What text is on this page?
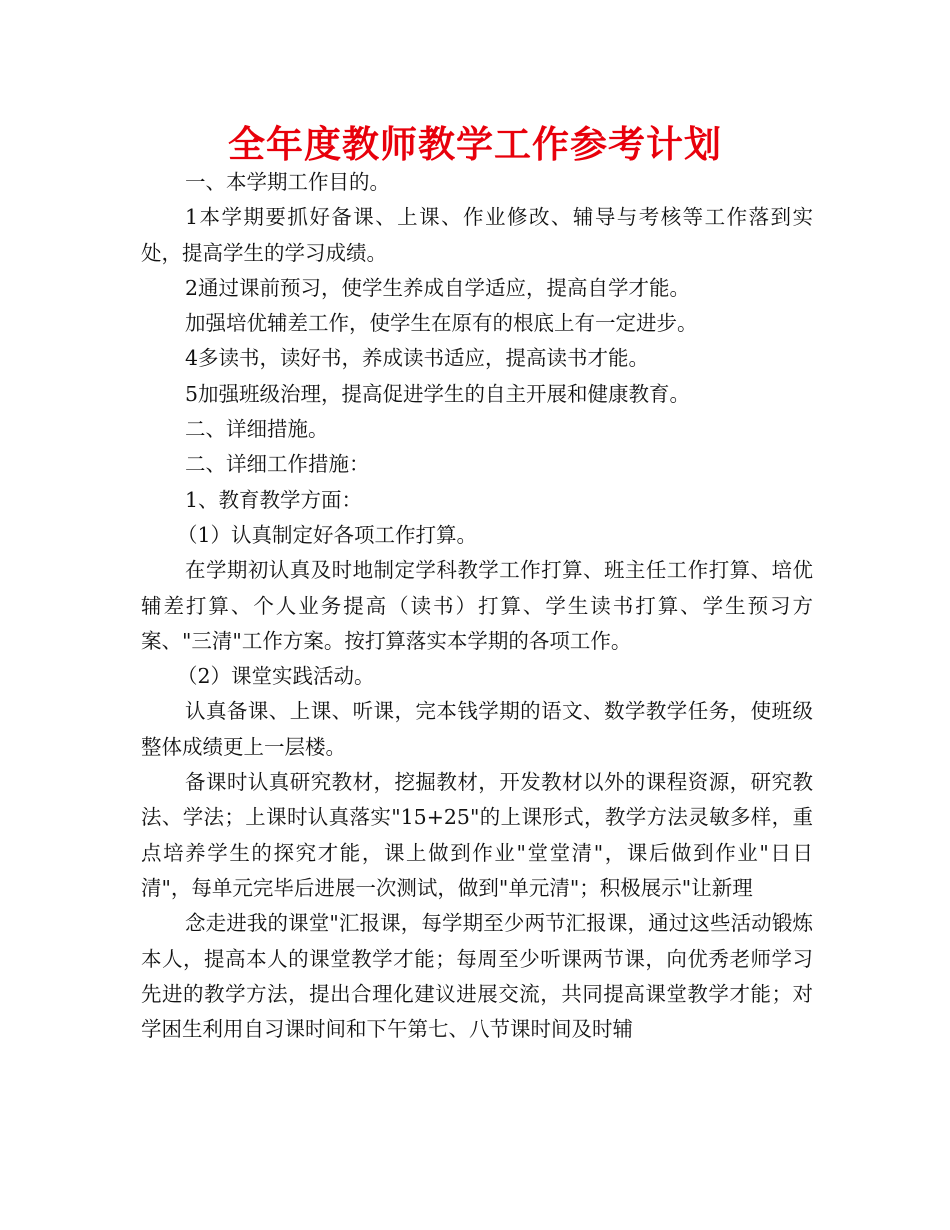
全年度教师教学工作参考计划

一、本学期工作目的。

1本学期要抓好备课、上课、作业修改、辅导与考核等工作落到实处，提高学生的学习成绩。

2通过课前预习，使学生养成自学适应，提高自学才能。

加强培优辅差工作，使学生在原有的根底上有一定进步。

4多读书，读好书，养成读书适应，提高读书才能。

5加强班级治理，提高促进学生的自主开展和健康教育。

二、详细措施。

二、详细工作措施：

1、教育教学方面：

（1）认真制定好各项工作打算。

在学期初认真及时地制定学科教学工作打算、班主任工作打算、培优辅差打算、个人业务提高（读书）打算、学生读书打算、学生预习方案、"三清"工作方案。按打算落实本学期的各项工作。

（2）课堂实践活动。

认真备课、上课、听课，完本钱学期的语文、数学教学任务，使班级整体成绩更上一层楼。

备课时认真研究教材，挖掘教材，开发教材以外的课程资源，研究教法、学法；上课时认真落实"15+25"的上课形式，教学方法灵敏多样，重点培养学生的探究才能，课上做到作业"堂堂清"，课后做到作业"日日清"，每单元完毕后进展一次测试，做到"单元清"；积极展示"让新理

念走进我的课堂"汇报课，每学期至少两节汇报课，通过这些活动锻炼本人，提高本人的课堂教学才能；每周至少听课两节课，向优秀老师学习先进的教学方法，提出合理化建议进展交流，共同提高课堂教学才能；对学困生利用自习课时间和下午第七、八节课时间及时辅
